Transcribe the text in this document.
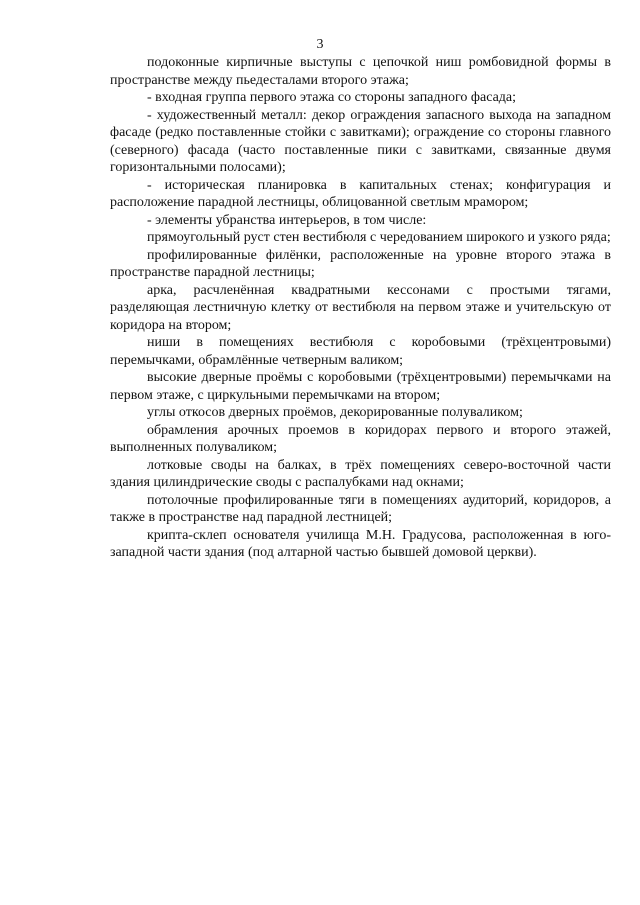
3

подоконные кирпичные выступы с цепочкой ниш ромбовидной формы в пространстве между пьедесталами второго этажа;

- входная группа первого этажа со стороны западного фасада;

- художественный металл: декор ограждения запасного выхода на западном фасаде (редко поставленные стойки с завитками); ограждение со стороны главного (северного) фасада (часто поставленные пики с завитками, связанные двумя горизонтальными полосами);

- историческая планировка в капитальных стенах; конфигурация и расположение парадной лестницы, облицованной светлым мрамором;

- элементы убранства интерьеров, в том числе:

прямоугольный руст стен вестибюля с чередованием широкого и узкого ряда;

профилированные филёнки, расположенные на уровне второго этажа в пространстве парадной лестницы;

арка, расчленённая квадратными кессонами с простыми тягами, разделяющая лестничную клетку от вестибюля на первом этаже и учительскую от коридора на втором;

ниши в помещениях вестибюля с коробовыми (трёхцентровыми) перемычками, обрамлённые четверным валиком;

высокие дверные проёмы с коробовыми (трёхцентровыми) перемычками на первом этаже, с циркульными перемычками на втором;

углы откосов дверных проёмов, декорированные полуваликом;

обрамления арочных проемов в коридорах первого и второго этажей, выполненных полуваликом;

лотковые своды на балках, в трёх помещениях северо-восточной части здания цилиндрические своды с распалубками над окнами;

потолочные профилированные тяги в помещениях аудиторий, коридоров, а также в пространстве над парадной лестницей;

крипта-склеп основателя училища М.Н. Градусова, расположенная в юго-западной части здания (под алтарной частью бывшей домовой церкви).
